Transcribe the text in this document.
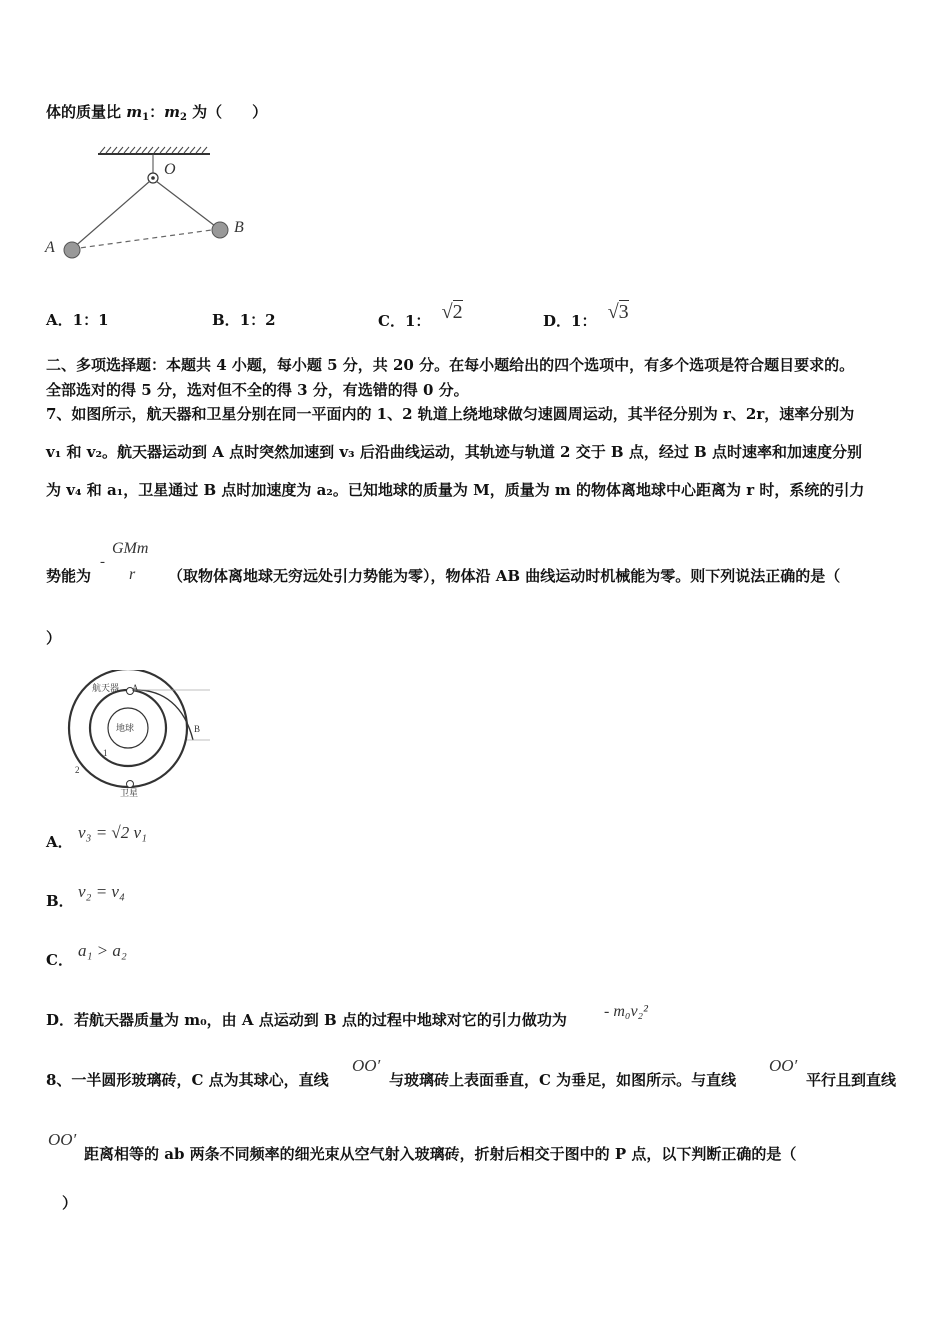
体的质量比 $m_1$：$m_2$ 为（　　）
O
A
B
A．1：1	B．1：2	C．1： √2	D．1： √3
二、多项选择题：本题共 4 小题，每小题 5 分，共 20 分。在每小题给出的四个选项中，有多个选项是符合题目要求的。
全部选对的得 5 分，选对但不全的得 3 分，有选错的得 0 分。
7、如图所示，航天器和卫星分别在同一平面内的 1、2 轨道上绕地球做匀速圆周运动，其半径分别为 r、2r，速率分别为
v₁ 和 v₂。航天器运动到 A 点时突然加速到 v₃ 后沿曲线运动，其轨迹与轨道 2 交于 B 点，经过 B 点时速率和加速度分别
为 v₄ 和 a₁，卫星通过 B 点时加速度为 a₂。已知地球的质量为 M，质量为 m 的物体离地球中心距离为 r 时，系统的引力
势能为
-
GMm
r （取物体离地球无穷远处引力势能为零），物体沿 AB 曲线运动时机械能为零。则下列说法正确的是（
）
航天器 A
地球	B
1
2
卫星
A． v₃ = √2 v₁
B． v₂ = v₄
C． a₁ > a₂
D．若航天器质量为 m₀，由 A 点运动到 B 点的过程中地球对它的引力做功为 - m₀v₂²
8、一半圆形玻璃砖，C 点为其球心，直线
OO′
与玻璃砖上表面垂直，C 为垂足，如图所示。与直线
OO′
平行且到直线
OO′
距离相等的 ab 两条不同频率的细光束从空气射入玻璃砖，折射后相交于图中的 P 点，以下判断正确的是（
）
